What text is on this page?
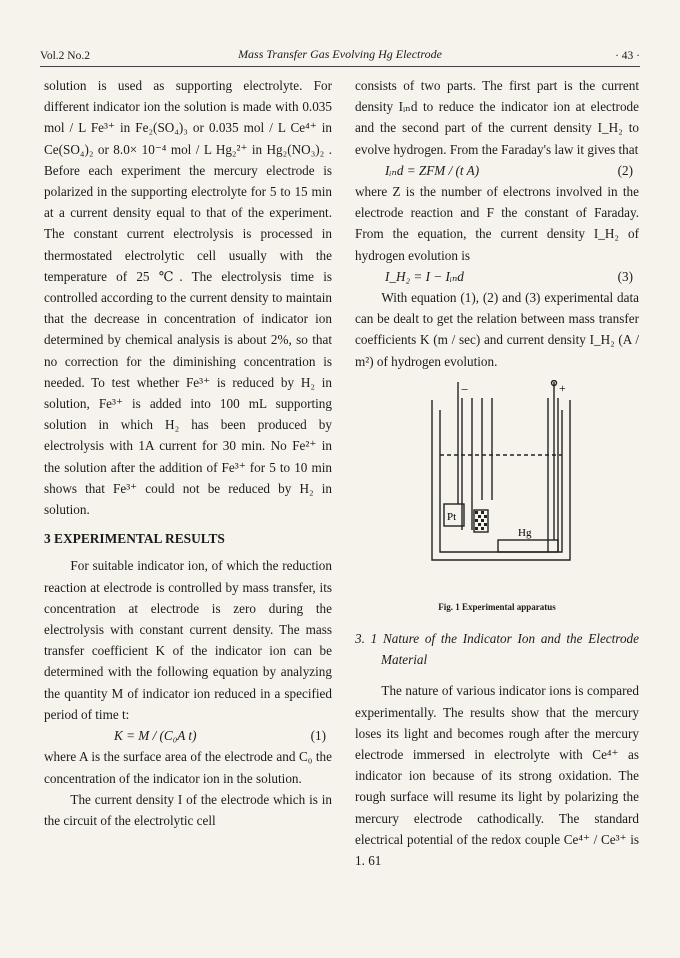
Vol.2 No.2	Mass Transfer Gas Evolving Hg Electrode	· 43 ·

solution is used as supporting electrolyte. For different indicator ion the solution is made with 0.035 mol / L Fe³⁺ in Fe₂(SO₄)₃ or 0.035 mol / L Ce⁴⁺ in Ce(SO₄)₂ or 8.0× 10⁻⁴ mol / L Hg₂²⁺ in Hg₂(NO₃)₂ . Before each experiment the mercury electrode is polarized in the supporting electrolyte for 5 to 15 min at a current density equal to that of the experiment. The constant current electrolysis is processed in thermostated electrolytic cell usually with the temperature of 25 ℃. The electrolysis time is controlled according to the current density to maintain that the decrease in concentration of indicator ion determined by chemical analysis is about 2%, so that no correction for the diminishing concentration is needed. To test whether Fe³⁺ is reduced by H₂ in solution, Fe³⁺ is added into 100 mL supporting solution in which H₂ has been produced by electrolysis with 1A current for 30 min. No Fe²⁺ in the solution after the addition of Fe³⁺ for 5 to 10 min shows that Fe³⁺ could not be reduced by H₂ in solution.

3 EXPERIMENTAL RESULTS

For suitable indicator ion, of which the reduction reaction at electrode is controlled by mass transfer, its concentration at electrode is zero during the electrolysis with constant current density. The mass transfer coefficient K of the indicator ion can be determined with the following equation by analyzing the quantity M of indicator ion reduced in a specified period of time t:

K = M / (C₀A t)	(1)

where A is the surface area of the electrode and C₀ the concentration of the indicator ion in the solution.

The current density I of the electrode which is in the circuit of the electrolytic cell

consists of two parts. The first part is the current density Iᵢₙd to reduce the indicator ion at electrode and the second part of the current density I_H₂ to evolve hydrogen. From the Faraday's law it gives that

Iᵢₙd = ZFM / (t A)	(2)

where Z is the number of electrons involved in the electrode reaction and F the constant of Faraday. From the equation, the current density I_H₂ of hydrogen evolution is

I_H₂ = I − Iᵢₙd	(3)

With equation (1), (2) and (3) experimental data can be dealt to get the relation between mass transfer coefficients K (m / sec) and current density I_H₂ (A / m²) of hydrogen evolution.

−	+
Pt
Hg
Fig. 1 Experimental apparatus

3. 1 Nature of the Indicator Ion and the Electrode Material

The nature of various indicator ions is compared experimentally. The results show that the mercury loses its light and becomes rough after the mercury electrode immersed in electrolyte with Ce⁴⁺ as indicator ion because of its strong oxidation. The rough surface will resume its light by polarizing the mercury electrode cathodically. The standard electrical potential of the redox couple Ce⁴⁺ / Ce³⁺ is 1. 61
